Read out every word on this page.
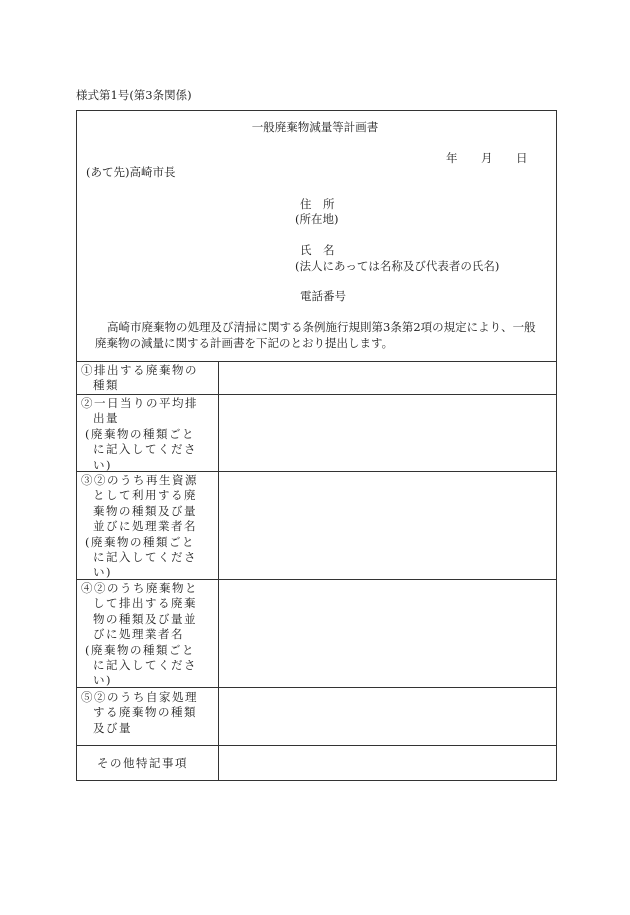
様式第1号(第3条関係)
一般廃棄物減量等計画書
年 月 日
(あて先)高崎市長
住　所
(所在地)
氏　名
(法人にあっては名称及び代表者の氏名)
電話番号
高崎市廃棄物の処理及び清掃に関する条例施行規則第3条第2項の規定により、一般
廃棄物の減量に関する計画書を下記のとおり提出します。
①排出する廃棄物の
種類
②一日当りの平均排
出量
(廃棄物の種類ごと
に記入してくださ
い)
③②のうち再生資源
として利用する廃
棄物の種類及び量
並びに処理業者名
(廃棄物の種類ごと
に記入してくださ
い)
④②のうち廃棄物と
して排出する廃棄
物の種類及び量並
びに処理業者名
(廃棄物の種類ごと
に記入してくださ
い)
⑤②のうち自家処理
する廃棄物の種類
及び量
その他特記事項
